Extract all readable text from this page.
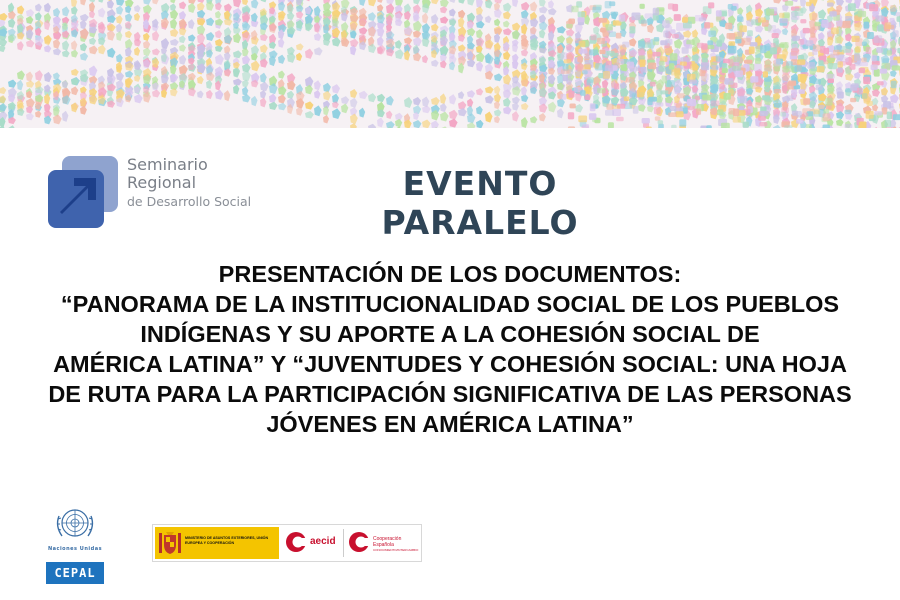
Seminario
Regional
de Desarrollo Social	EVENTO PARALELO
PRESENTACIÓN DE LOS DOCUMENTOS:
“PANORAMA DE LA INSTITUCIONALIDAD SOCIAL DE LOS PUEBLOS
INDÍGENAS Y SU APORTE A LA COHESIÓN SOCIAL DE
AMÉRICA LATINA” Y “JUVENTUDES Y COHESIÓN SOCIAL: UNA HOJA
DE RUTA PARA LA PARTICIPACIÓN SIGNIFICATIVA DE LAS PERSONAS
JÓVENES EN AMÉRICA LATINA”
Naciones Unidas
CEPAL
MINISTERIO DE ASUNTOS EXTERIORES, UNIÓN EUROPEA Y COOPERACIÓN	aecid	Cooperación
Española
CONOCIMIENTO/INTERCAMBIO
